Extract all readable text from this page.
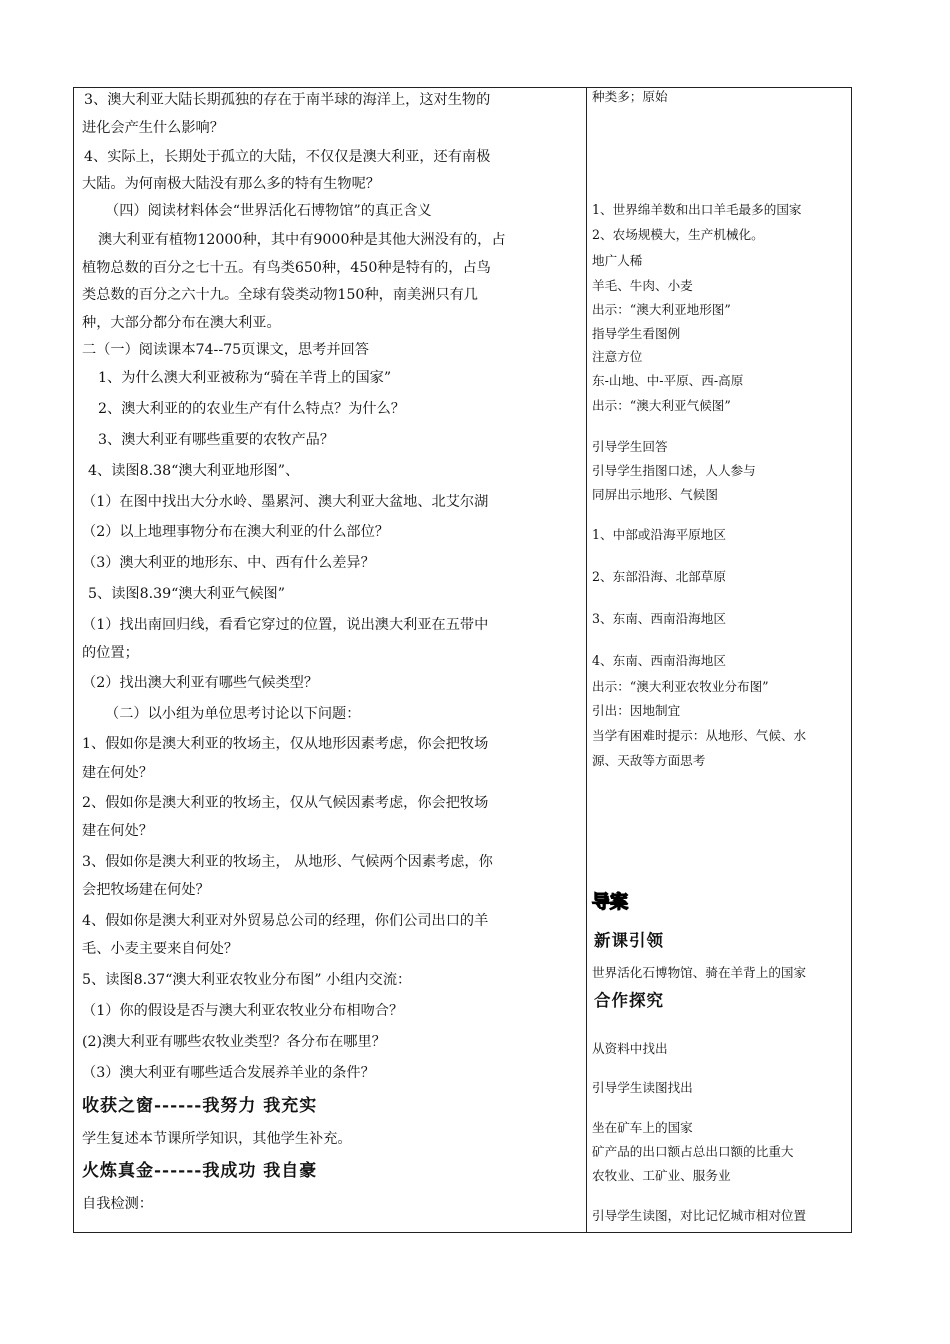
3、澳大利亚大陆长期孤独的存在于南半球的海洋上，这对生物的
进化会产生什么影响？
4、实际上，长期处于孤立的大陆，不仅仅是澳大利亚，还有南极
大陆。为何南极大陆没有那么多的特有生物呢？
（四）阅读材料体会“世界活化石博物馆”的真正含义
澳大利亚有植物12000种，其中有9000种是其他大洲没有的，占
植物总数的百分之七十五。有鸟类650种，450种是特有的，占鸟
类总数的百分之六十九。全球有袋类动物150种，南美洲只有几
种，大部分都分布在澳大利亚。
二（一）阅读课本74--75页课文，思考并回答
1、为什么澳大利亚被称为“骑在羊背上的国家”
2、澳大利亚的的农业生产有什么特点？为什么？
3、澳大利亚有哪些重要的农牧产品？
4、读图8.38“澳大利亚地形图”、
（1）在图中找出大分水岭、墨累河、澳大利亚大盆地、北艾尔湖
（2）以上地理事物分布在澳大利亚的什么部位？
（3）澳大利亚的地形东、中、西有什么差异？
5、读图8.39“澳大利亚气候图”
（1）找出南回归线，看看它穿过的位置，说出澳大利亚在五带中
的位置；
（2）找出澳大利亚有哪些气候类型？
（二）以小组为单位思考讨论以下问题：
1、假如你是澳大利亚的牧场主，仅从地形因素考虑，你会把牧场
建在何处？
2、假如你是澳大利亚的牧场主，仅从气候因素考虑，你会把牧场
建在何处？
3、假如你是澳大利亚的牧场主， 从地形、气候两个因素考虑，你
会把牧场建在何处？
4、假如你是澳大利亚对外贸易总公司的经理，你们公司出口的羊
毛、小麦主要来自何处？
5、读图8.37“澳大利亚农牧业分布图” 小组内交流：
（1）你的假设是否与澳大利亚农牧业分布相吻合？
(2)澳大利亚有哪些农牧业类型？各分布在哪里？
（3）澳大利亚有哪些适合发展养羊业的条件？
收获之窗------我努力 我充实
学生复述本节课所学知识，其他学生补充。
火炼真金------我成功 我自豪
自我检测：
种类多；原始
1、世界绵羊数和出口羊毛最多的国家
2、农场规模大，生产机械化。
地广人稀
羊毛、牛肉、小麦
出示：“澳大利亚地形图”
指导学生看图例
注意方位
东-山地、中-平原、西-高原
出示：“澳大利亚气候图”
引导学生回答
引导学生指图口述，人人参与
同屏出示地形、气候图
1、中部或沿海平原地区
2、东部沿海、北部草原
3、东南、西南沿海地区
4、东南、西南沿海地区
出示：“澳大利亚农牧业分布图”
引出：因地制宜
当学有困难时提示：从地形、气候、水
源、天敌等方面思考
导案
新课引领
世界活化石博物馆、骑在羊背上的国家
合作探究
从资料中找出
引导学生读图找出
坐在矿车上的国家
矿产品的出口额占总出口额的比重大
农牧业、工矿业、服务业
引导学生读图，对比记忆城市相对位置
